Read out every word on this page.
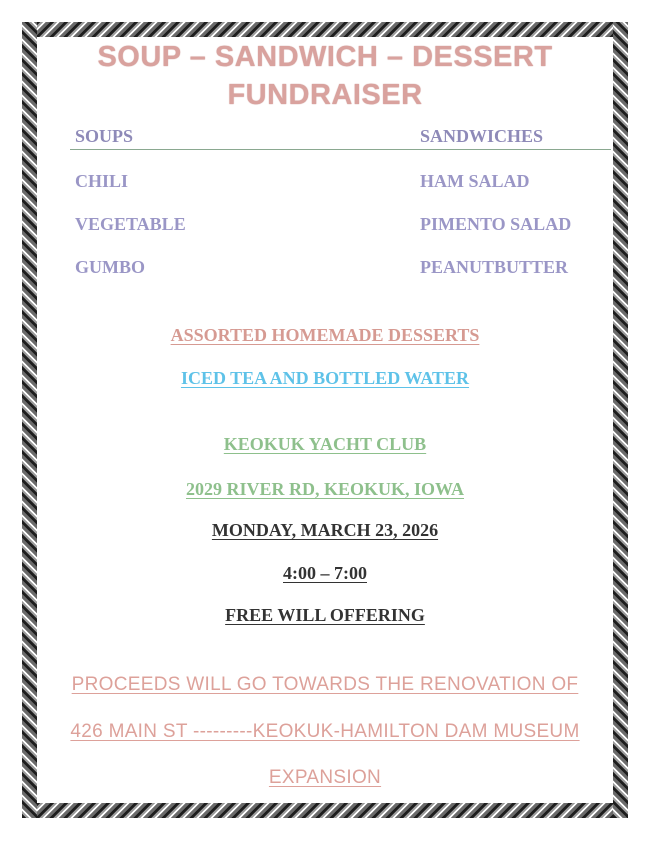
SOUP – SANDWICH – DESSERT
FUNDRAISER
SOUPS	SANDWICHES
CHILI
VEGETABLE
GUMBO
HAM SALAD
PIMENTO SALAD
PEANUTBUTTER
ASSORTED HOMEMADE DESSERTS
ICED TEA AND BOTTLED WATER
KEOKUK YACHT CLUB
2029 RIVER RD, KEOKUK, IOWA
MONDAY, MARCH 23, 2026
4:00 – 7:00
FREE WILL OFFERING
PROCEEDS WILL GO TOWARDS THE RENOVATION OF
426 MAIN ST ---------KEOKUK-HAMILTON DAM MUSEUM
EXPANSION
